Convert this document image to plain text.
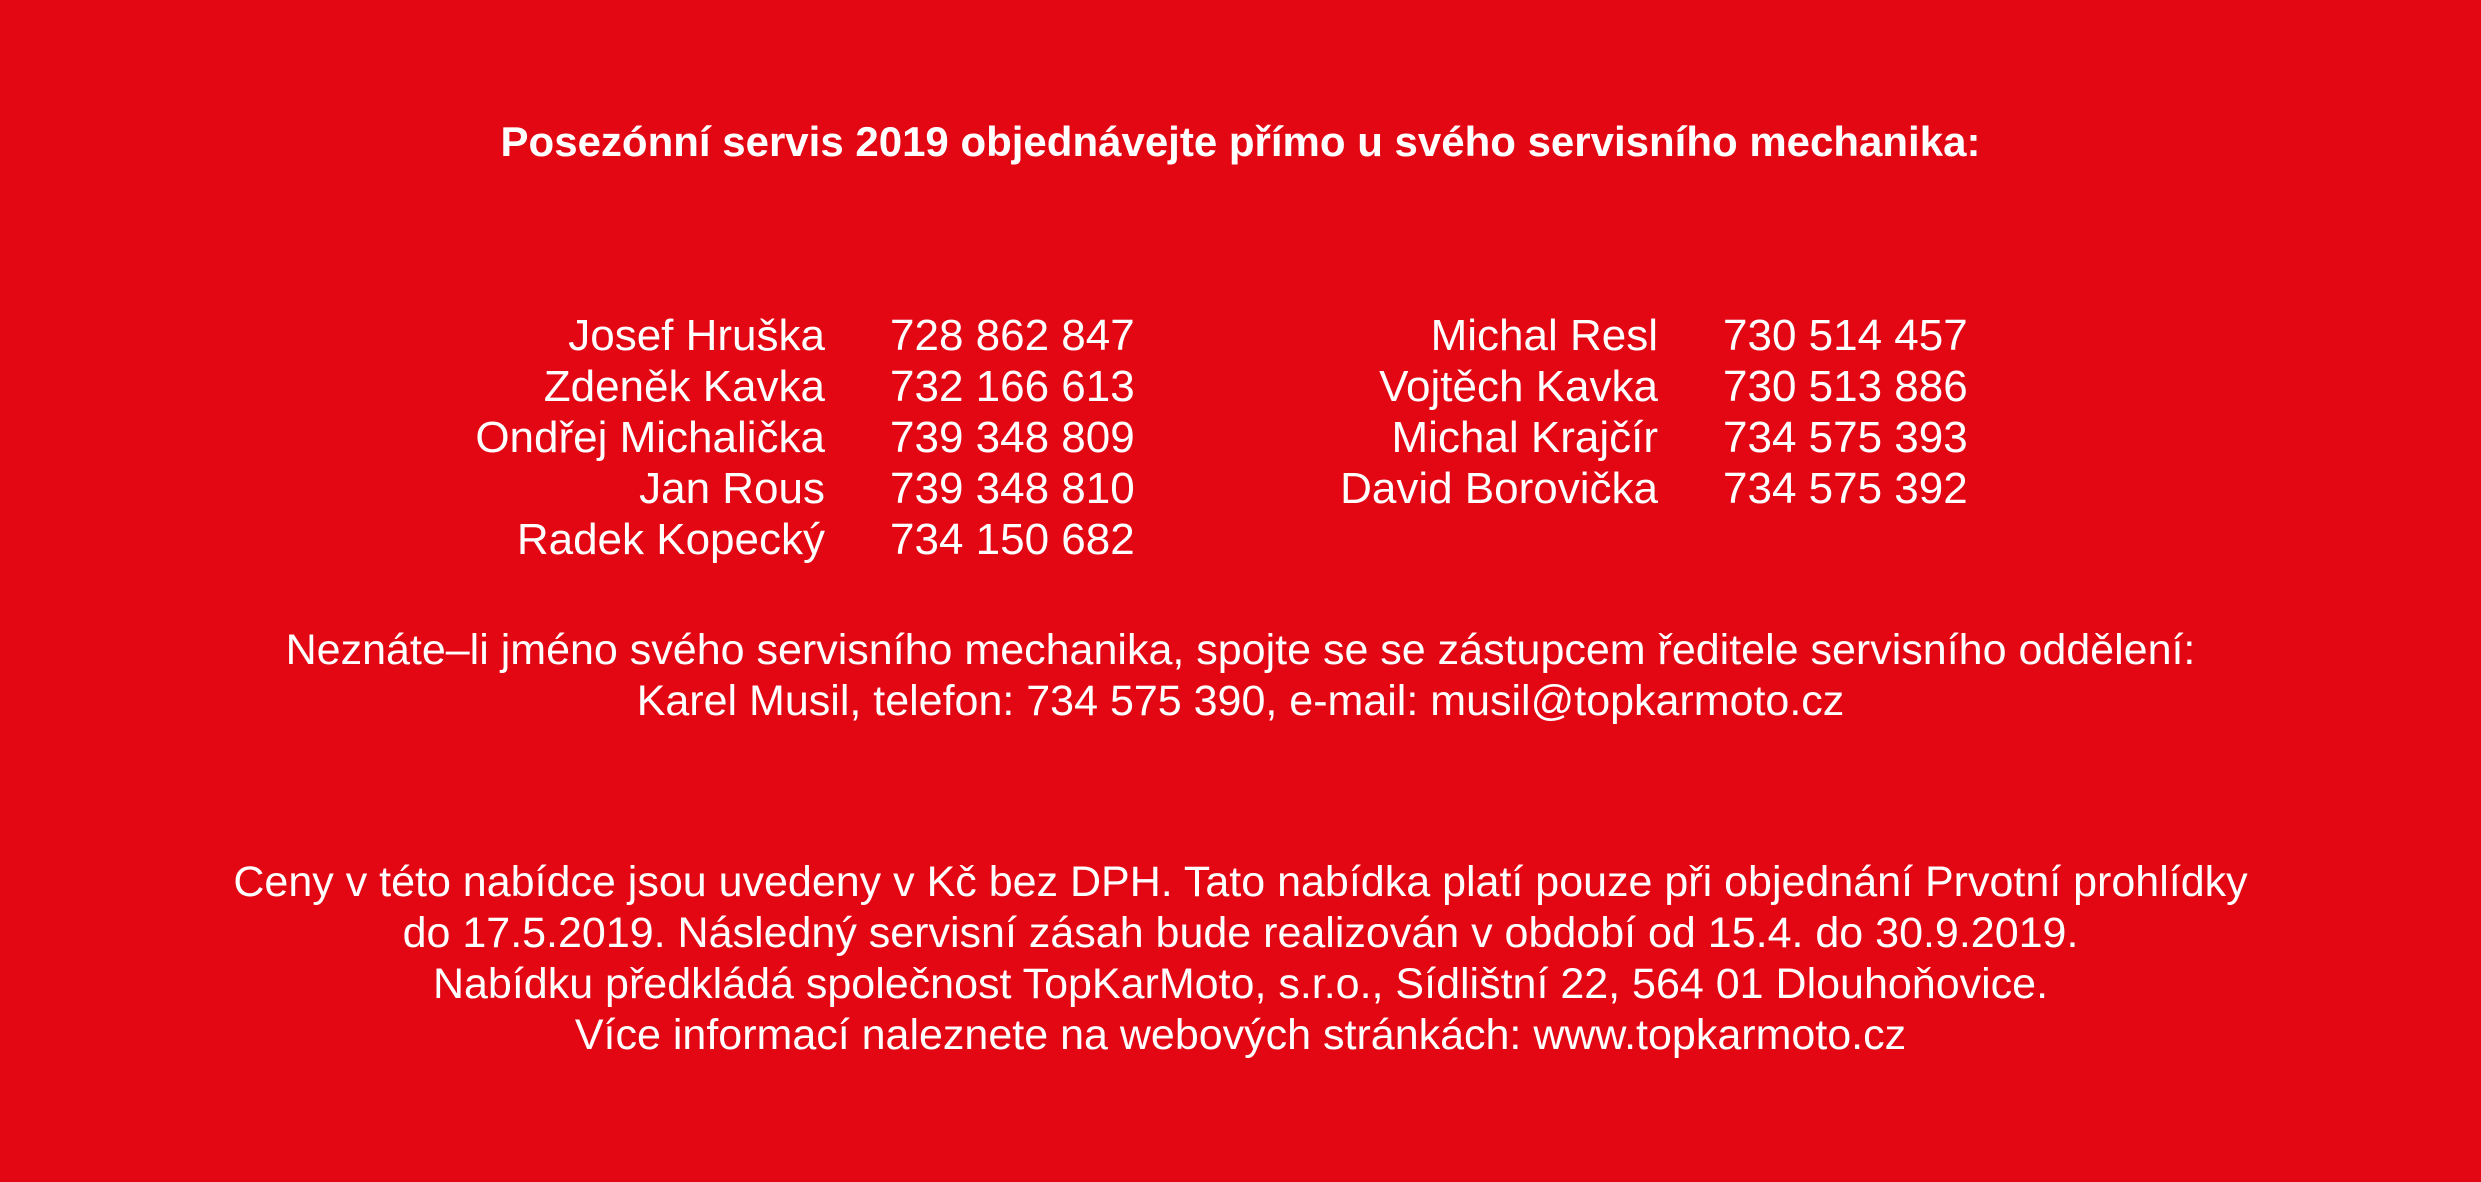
Posezónní servis 2019 objednávejte přímo u svého servisního mechanika:
Josef Hruška 728 862 847
Zdeněk Kavka 732 166 613
Ondřej Michalička 739 348 809
Jan Rous 739 348 810
Radek Kopecký 734 150 682
Michal Resl 730 514 457
Vojtěch Kavka 730 513 886
Michal Krajčír 734 575 393
David Borovička 734 575 392

Neznáte–li jméno svého servisního mechanika, spojte se se zástupcem ředitele servisního oddělení:

Karel Musil, telefon: 734 575 390, e-mail: musil@topkarmoto.cz

Ceny v této nabídce jsou uvedeny v Kč bez DPH. Tato nabídka platí pouze při objednání Prvotní prohlídky

do 17.5.2019. Následný servisní zásah bude realizován v období od 15.4. do 30.9.2019.

Nabídku předkládá společnost TopKarMoto, s.r.o., Sídlištní 22, 564 01 Dlouhoňovice.

Více informací naleznete na webových stránkách: www.topkarmoto.cz
